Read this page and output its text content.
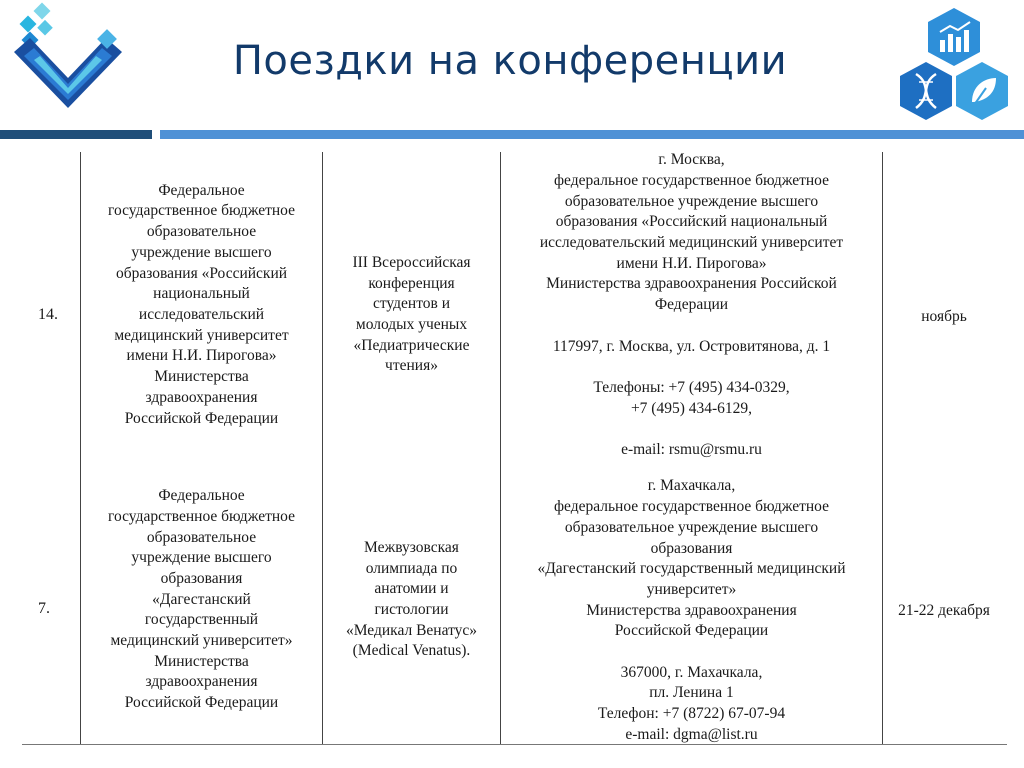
Поездки на конференции
14.
Федеральное
государственное бюджетное
образовательное
учреждение высшего
образования «Российский
национальный
исследовательский
медицинский университет
имени Н.И. Пирогова»
Министерства
здравоохранения
Российской Федерации
III Всероссийская
конференция
студентов и
молодых ученых
«Педиатрические
чтения»
г. Москва,
федеральное государственное бюджетное
образовательное учреждение высшего
образования «Российский национальный
исследовательский медицинский университет
имени Н.И. Пирогова»
Министерства здравоохранения Российской
Федерации

117997, г. Москва, ул. Островитянова, д. 1

Телефоны: +7 (495) 434-0329,
+7 (495) 434-6129,

e-mail: rsmu@rsmu.ru
ноябрь
7.
Федеральное
государственное бюджетное
образовательное
учреждение высшего
образования
«Дагестанский
государственный
медицинский университет»
Министерства
здравоохранения
Российской Федерации
Межвузовская
олимпиада по
анатомии и
гистологии
«Медикал Венатус»
(Medical Venatus).
г. Махачкала,
федеральное государственное бюджетное
образовательное учреждение высшего
образования
«Дагестанский государственный медицинский
университет»
Министерства здравоохранения
Российской Федерации

367000, г. Махачкала,
пл. Ленина 1
Телефон: +7 (8722) 67-07-94
e-mail: dgma@list.ru
21-22 декабря
